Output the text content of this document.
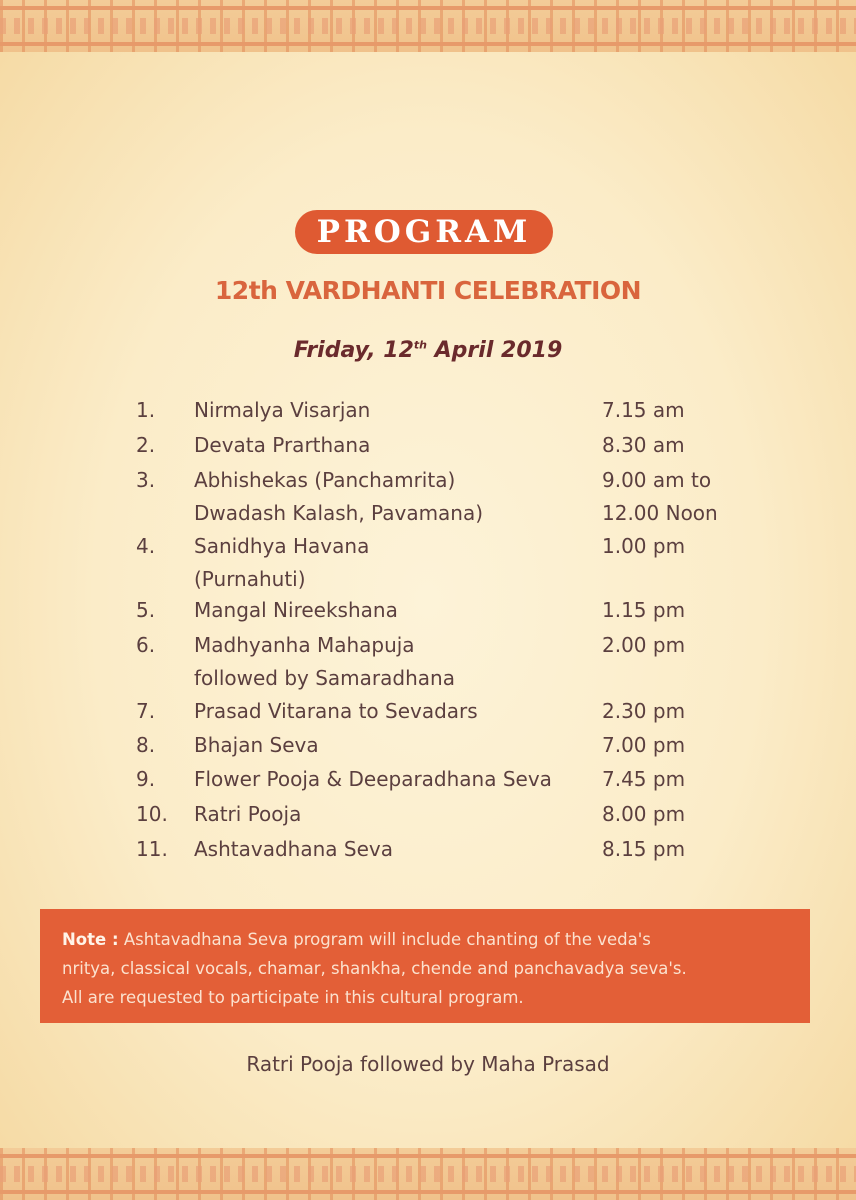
PROGRAM
12th VARDHANTI CELEBRATION
Friday, 12th April 2019
1.	Nirmalya Visarjan	7.15 am
2.	Devata Prarthana	8.30 am
3.	Abhishekas (Panchamrita)	9.00 am to
Dwadash Kalash, Pavamana)	12.00 Noon
4.	Sanidhya Havana	1.00 pm
(Purnahuti)
5.	Mangal Nireekshana	1.15 pm
6.	Madhyanha Mahapuja	2.00 pm
followed by Samaradhana
7.	Prasad Vitarana to Sevadars	2.30 pm
8.	Bhajan Seva	7.00 pm
9.	Flower Pooja & Deeparadhana Seva	7.45 pm
10.	Ratri Pooja	8.00 pm
11.	Ashtavadhana Seva	8.15 pm
Note : Ashtavadhana Seva program will include chanting of the veda's
nritya, classical vocals, chamar, shankha, chende and panchavadya seva's.
All are requested to participate in this cultural program.
Ratri Pooja followed by Maha Prasad
